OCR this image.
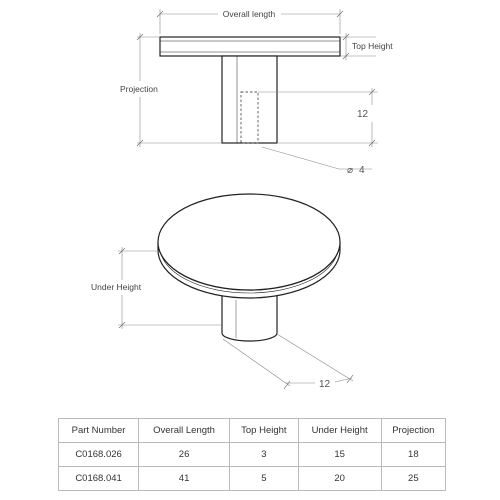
Overall length
Top Height
Projection
12
⌀ 4
Under Height
12
Part Number	Overall Length	Top Height	Under Height	Projection
C0168.026	26	3	15	18
C0168.041	41	5	20	25
